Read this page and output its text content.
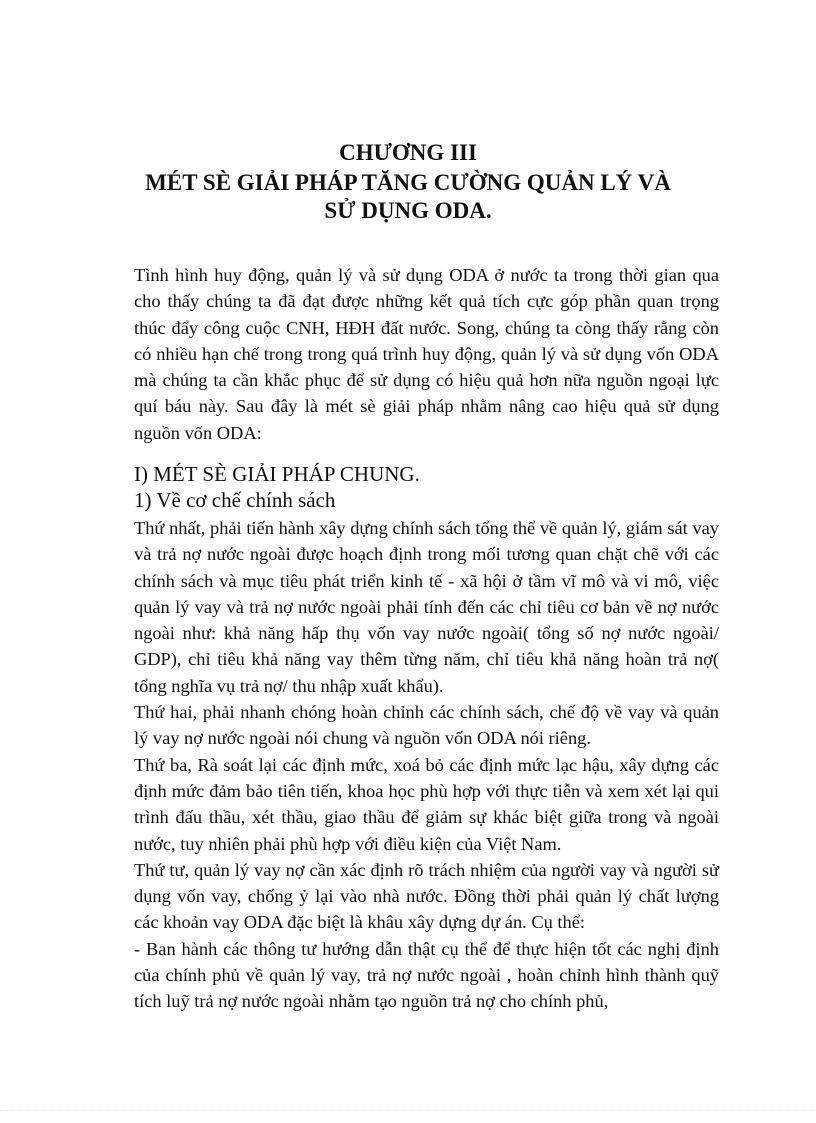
CHƯƠNG III
MÉT SÈ GIẢI PHÁP TĂNG CƯỜNG QUẢN LÝ VÀ
SỬ DỤNG ODA.

Tình hình huy động, quản lý và sử dụng ODA ở nước ta trong thời gian qua cho thấy chúng ta đã đạt được những kết quả tích cực góp phần quan trọng thúc đẩy công cuộc CNH, HĐH đất nước. Song, chúng ta còng thấy rằng còn có nhiều hạn chế trong trong quá trình huy động, quản lý và sử dụng vốn ODA mà chúng ta cần khắc phục để sử dụng có hiệu quả hơn nữa nguồn ngoại lực quí báu này. Sau đây là mét sè giải pháp nhằm nâng cao hiệu quả sử dụng nguồn vốn ODA:

I) MÉT SÈ GIẢI PHÁP CHUNG.
1) Về cơ chế chính sách

Thứ nhất, phải tiến hành xây dựng chính sách tổng thể về quản lý, giám sát vay và trả nợ nước ngoài được hoạch định trong mối tương quan chặt chẽ với các chính sách và mục tiêu phát triển kinh tế - xã hội ở tầm vĩ mô và vi mô, việc quản lý vay và trả nợ nước ngoài phải tính đến các chỉ tiêu cơ bản về nợ nước ngoài như: khả năng hấp thụ vốn vay nước ngoài( tổng số nợ nước ngoài/ GDP), chỉ tiêu khả năng vay thêm từng năm, chỉ tiêu khả năng hoàn trả nợ( tổng nghĩa vụ trả nợ/ thu nhập xuất khẩu).

Thứ hai, phải nhanh chóng hoàn chỉnh các chính sách, chế độ về vay và quản lý vay nợ nước ngoài nói chung và nguồn vốn ODA nói riêng.

Thứ ba, Rà soát lại các định mức, xoá bỏ các định mức lạc hậu, xây dựng các định mức đảm bảo tiên tiến, khoa học phù hợp với thực tiễn và xem xét lại qui trình đấu thầu, xét thầu, giao thầu để giảm sự khác biệt giữa trong và ngoài nước, tuy nhiên phải phù hợp với điều kiện của Việt Nam.

Thứ tư, quản lý vay nợ cần xác định rõ trách nhiệm của người vay và người sử dụng vốn vay, chống ỷ lại vào nhà nước. Đồng thời phải quản lý chất lượng các khoản vay ODA đặc biệt là khâu xây dựng dự án. Cụ thể:

- Ban hành các thông tư hướng dẫn thật cụ thể để thực hiện tốt các nghị định của chính phủ về quản lý vay, trả nợ nước ngoài , hoàn chỉnh hình thành quỹ tích luỹ trả nợ nước ngoài nhằm tạo nguồn trả nợ cho chính phủ,
